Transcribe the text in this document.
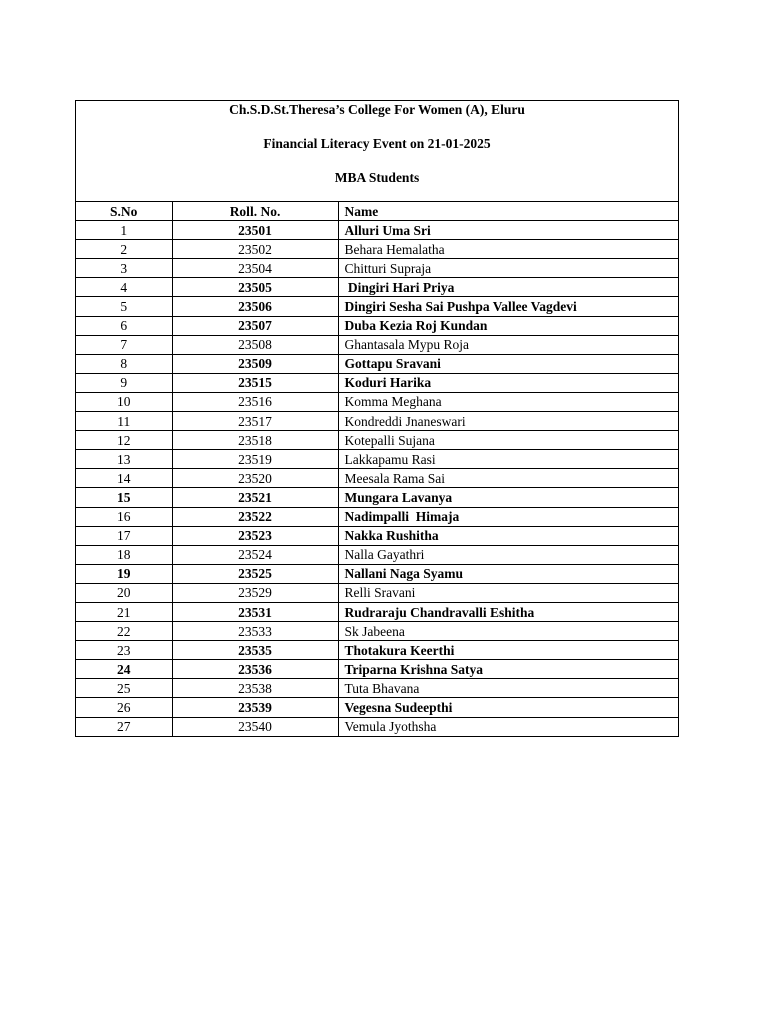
Ch.S.D.St.Theresa’s College For Women (A), Eluru
Financial Literacy Event on 21-01-2025
MBA Students
S.No	Roll. No.	Name
1	23501	Alluri Uma Sri
2	23502	Behara Hemalatha
3	23504	Chitturi Supraja
4	23505	Dingiri Hari Priya
5	23506	Dingiri Sesha Sai Pushpa Vallee Vagdevi
6	23507	Duba Kezia Roj Kundan
7	23508	Ghantasala Mypu Roja
8	23509	Gottapu Sravani
9	23515	Koduri Harika
10	23516	Komma Meghana
11	23517	Kondreddi Jnaneswari
12	23518	Kotepalli Sujana
13	23519	Lakkapamu Rasi
14	23520	Meesala Rama Sai
15	23521	Mungara Lavanya
16	23522	Nadimpalli  Himaja
17	23523	Nakka Rushitha
18	23524	Nalla Gayathri
19	23525	Nallani Naga Syamu
20	23529	Relli Sravani
21	23531	Rudraraju Chandravalli Eshitha
22	23533	Sk Jabeena
23	23535	Thotakura Keerthi
24	23536	Triparna Krishna Satya
25	23538	Tuta Bhavana
26	23539	Vegesna Sudeepthi
27	23540	Vemula Jyothsha
